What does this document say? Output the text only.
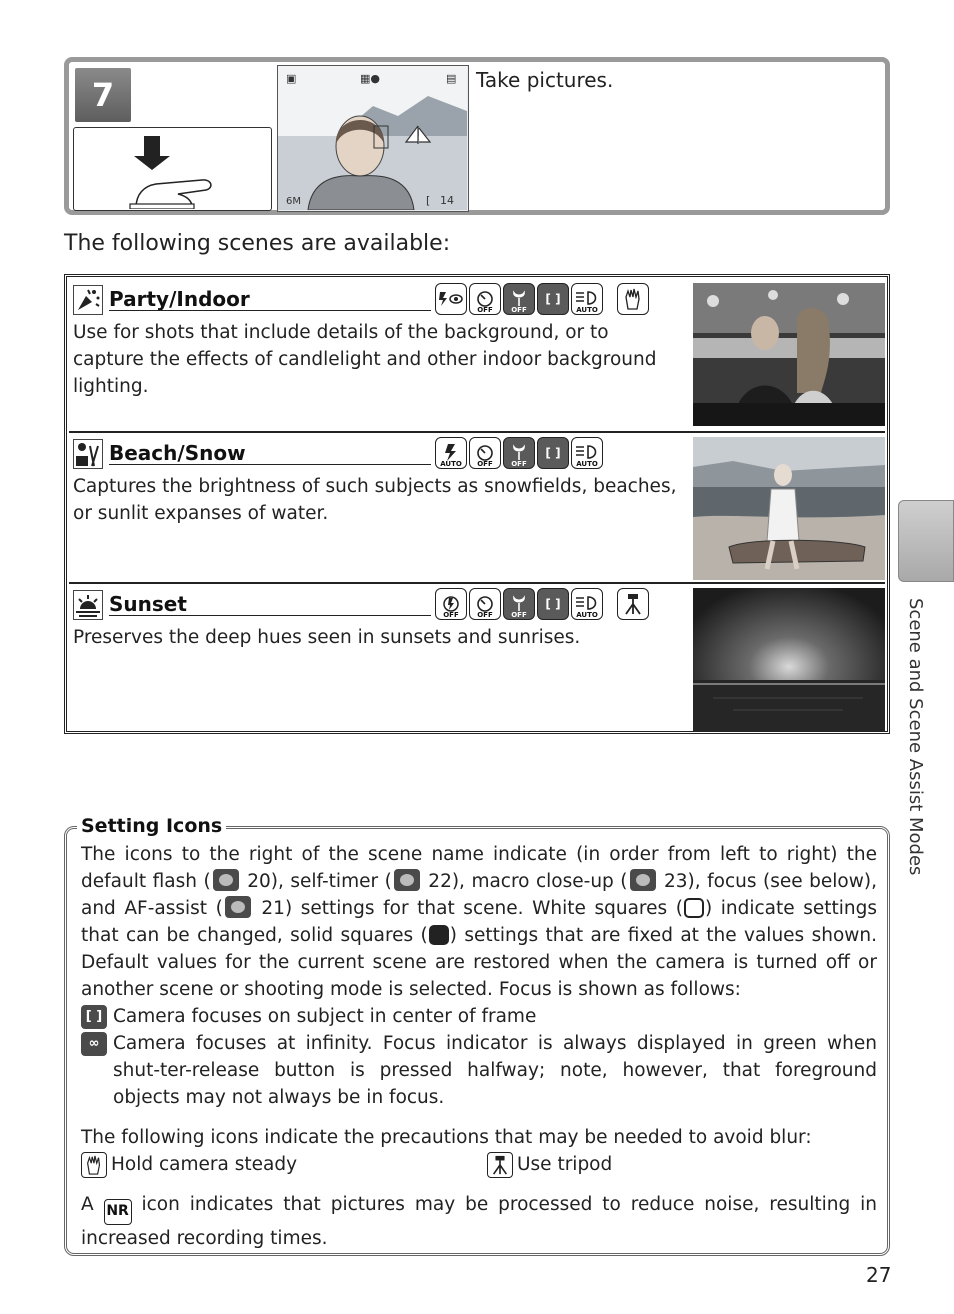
7	▣	▦●	▤
6M	[ 14
Take pictures.
The following scenes are available:
Party/Indoor	OFF	OFF
[ ]
AUTO
Use for shots that include details of the background, or to capture the effects of candlelight and other indoor background lighting.
Beach/Snow	AUTO	OFF	OFF
[ ]
AUTO
Captures the brightness of such subjects as snowfields, beaches, or sunlit expanses of water.
Sunset	OFF	OFF	OFF
[ ]
AUTO
Preserves the deep hues seen in sunsets and sunrises.	Scene and Scene Assist Modes
Setting Icons
The icons to the right of the scene name indicate (in order from left to right) the default flash ( 20), self-timer ( 22), macro close-up ( 23), focus (see below), and AF-assist ( 21) settings for that scene. White squares ( ) indicate settings that can be changed, solid squares ( ) settings that are fixed at the values shown. Default values for the current scene are restored when the camera is turned off or another scene or shooting mode is selected. Focus is shown as follows:
[ ] Camera focuses on subject in center of frame
∞ Camera focuses at infinity. Focus indicator is always displayed in green when shut-ter-release button is pressed halfway; note, however, that foreground objects may not always be in focus.
The following icons indicate the precautions that may be needed to avoid blur:
Hold camera steady	Use tripod
A NR icon indicates that pictures may be processed to reduce noise, resulting in increased recording times.
27
